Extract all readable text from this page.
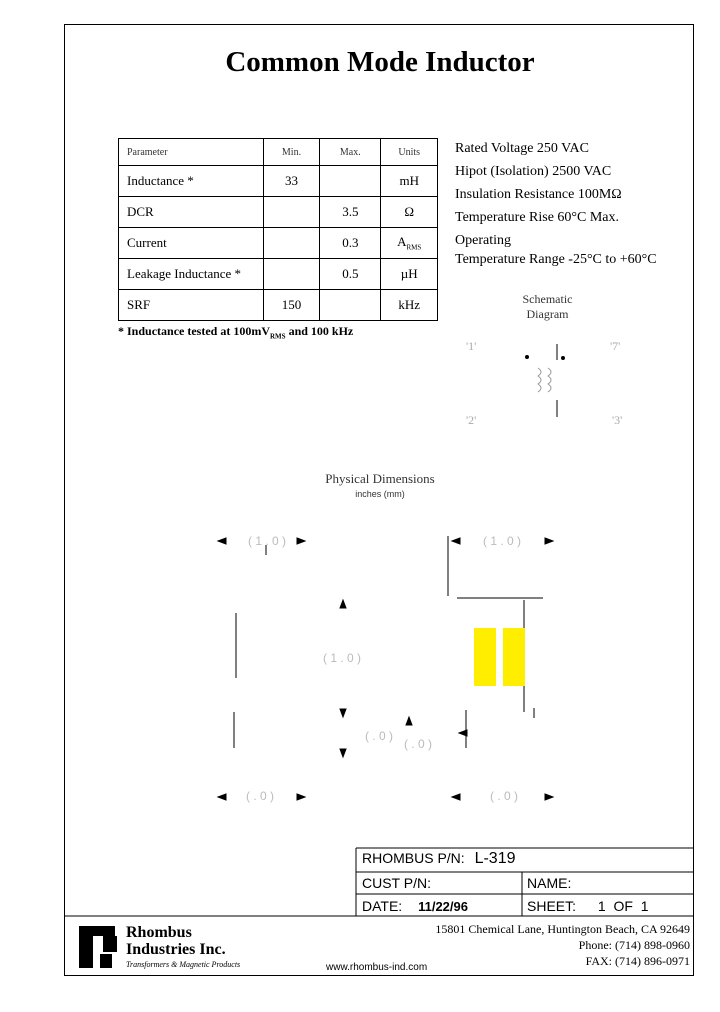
Common Mode Inductor
Parameter	Min.	Max.	Units
Inductance *	33		mH
DCR		3.5	Ω
Current		0.3	$A_{RMS}$
Leakage Inductance *		0.5	µH
SRF	150		kHz
* Inductance tested at $100mV_{RMS}$ and 100 kHz
Rated Voltage 250 VAC
Hipot (Isolation) 2500 VAC
Insulation Resistance 100MΩ
Temperature Rise 60°C Max.
Operating
Temperature Range -25°C to +60°C
Schematic
Diagram
Physical Dimensions
inches (mm)
'1'	'7'
'2'	'3'
( 1 . 0 )	( 1 . 0 )
( 1 . 0 )
( . 0 )
( . 0 )
( . 0 )	( . 0 )
RHOMBUS P/N: L-319
CUST P/N:	NAME:
DATE: 11/22/96	SHEET: 1  OF  1
Rhombus
Industries Inc.
Transformers & Magnetic Products
15801 Chemical Lane, Huntington Beach, CA 92649
Phone: (714) 898-0960
FAX: (714) 896-0971
www.rhombus-ind.com
